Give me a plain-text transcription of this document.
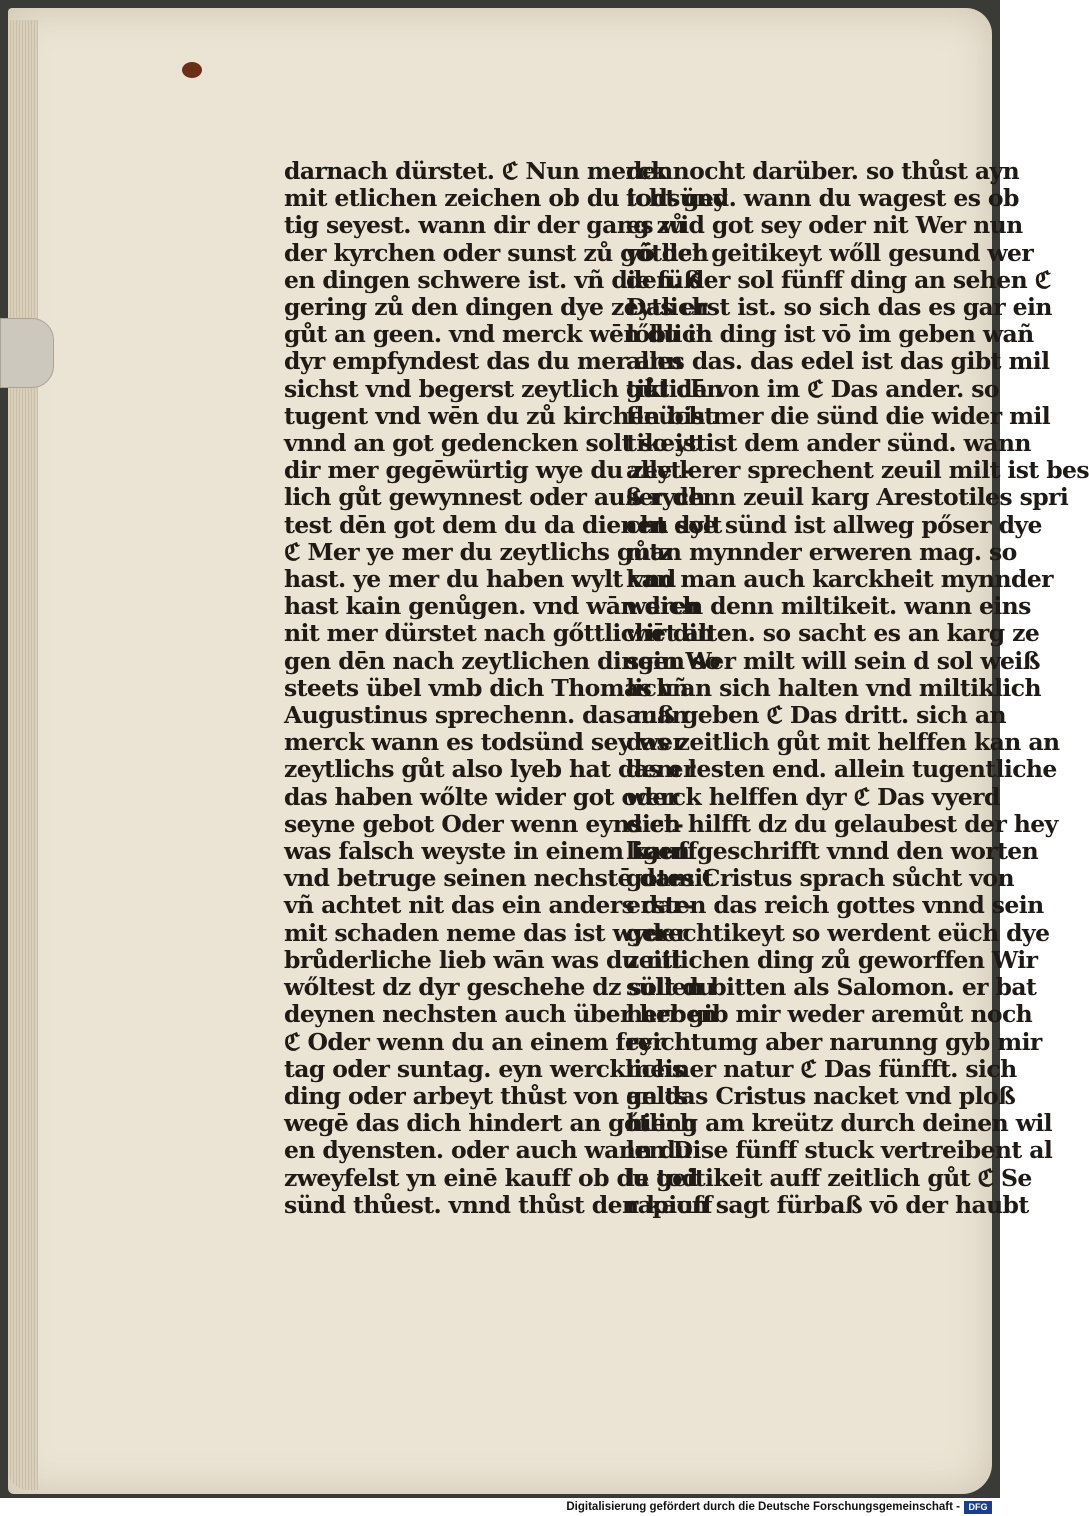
darnach dürstet. ℭ Nun merck
mit etlichen zeichen ob du icht gey
tig seyest. wann dir der gang zů
der kyrchen oder sunst zů gőtlich
en dingen schwere ist. vñ die füß
gering zů den dingen dye zeytlich
gůt an geen. vnd merck wēn du in
dyr empfyndest das du mer ann
sichst vnd begerst zeytlich gůt dēn
tugent vnd wēn du zů kirchen bist
vnnd an got gedencken solt so ist
dir mer gegēwürtig wye du zeyt-
lich gůt gewynnest oder auß rych
test dēn got dem du da dienen solt
ℭ Mer ye mer du zeytlichs gůtz
hast. ye mer du haben wylt vnd
hast kain genůgen. vnd wān dich
nit mer dürstet nach gőttlichē din
gen dēn nach zeytlichen dingen so
steets übel vmb dich Thomas vñ
Augustinus sprechenn. das man
merck wann es todsünd sey wer
zeytlichs gůt also lyeb hat das er
das haben wőlte wider got oder
seyne gebot Oder wenn eyns et-
was falsch weyste in einem kauff
vnd betruge seinen nechstē damit
vñ achtet nit das ein anders dar-
mit schaden neme das ist wyder
brůderliche lieb wān was du nit
wőltest dz dyr geschehe dz solt du
deynen nechsten auch über heben
ℭ Oder wenn du an einem feyr
tag oder suntag. eyn wercklichs
ding oder arbeyt thůst von gelts
wegē das dich hindert an gőtlich
en dyensten. oder auch wann du
zweyfelst yn einē kauff ob du tod
sünd thůest. vnnd thůst den kauff
dennocht darüber. so thůst ayn
todsünd. wann du wagest es ob
es wid got sey oder nit Wer nun
vō der geitikeyt wőll gesund wer
den. der sol fünff ding an sehen ℭ
Das erst ist. so sich das es gar ein
lőblich ding ist vō im geben wañ
alles das. das edel ist das gibt mil
tiklich von im ℭ Das ander. so
fleüch mer die sünd die wider mil
tikeyt ist dem ander sünd. wann
alle lerer sprechent zeuil milt ist bes
ser denn zeuil karg Arestotiles spri
cht dye sünd ist allweg pőser dye
man mynnder erweren mag. so
kan man auch karckheit mynnder
weren denn miltikeit. wann eins
wirt alten. so sacht es an karg ze
sein Wer milt will sein d sol weiß
lich an sich halten vnd miltiklich
auß geben ℭ Das dritt. sich an
das zeitlich gůt mit helffen kan an
dem lesten end. allein tugentliche
werck helffen dyr ℭ Das vyerd
dich hilfft dz du gelaubest der hey
ligen geschrifft vnnd den worten
gotes Cristus sprach sůcht von
ersten das reich gottes vnnd sein
gerechtikeyt so werdent eüch dye
zeitlichen ding zů geworffen Wir
süllen bitten als Salomon. er bat
herr gib mir weder aremůt noch
reichtumg aber narunng gyb mir
meiner natur ℭ Das fünfft. sich
an das Cristus nacket vnd ploß
hieng am kreütz durch deinen wil
len Dise fünff stuck vertreibent al
le geitikeit auff zeitlich gůt ℭ Se
rapion sagt fürbaß vō der haubt
Digitalisierung gefördert durch die Deutsche Forschungsgemeinschaft - DFG
